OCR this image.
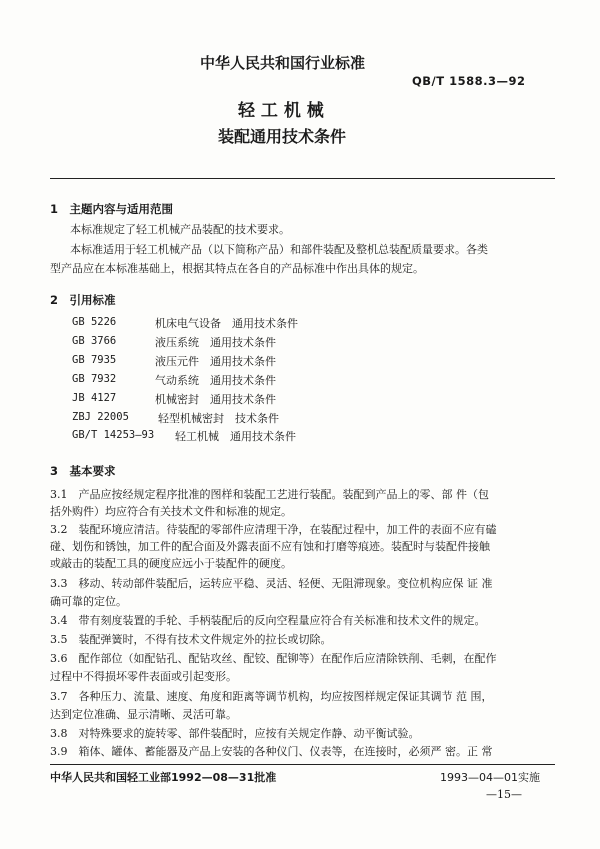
中华人民共和国行业标准
QB/T 1588.3—92
轻 工 机 械
装配通用技术条件
1　主题内容与适用范围
本标准规定了轻工机械产品装配的技术要求。
本标准适用于轻工机械产品（以下简称产品）和部件装配及整机总装配质量要求。各类
型产品应在本标准基础上，根据其特点在各自的产品标准中作出具体的规定。
2　引用标准
GB 5226	机床电气设备　通用技术条件
GB 3766	液压系统　通用技术条件
GB 7935	液压元件　通用技术条件
GB 7932	气动系统　通用技术条件
JB 4127	机械密封　通用技术条件
ZBJ 22005	轻型机械密封　技术条件
GB/T 14253—93 轻工机械　通用技术条件
3　基本要求
3.1　产品应按经规定程序批准的图样和装配工艺进行装配。装配到产品上的零、部 件（包
括外购件）均应符合有关技术文件和标准的规定。
3.2　装配环境应清洁。待装配的零部件应清理干净，在装配过程中，加工件的表面不应有磕
碰、划伤和锈蚀，加工件的配合面及外露表面不应有蚀和打磨等痕迹。装配时与装配件接触
或敲击的装配工具的硬度应远小于装配件的硬度。
3.3　移动、转动部件装配后，运转应平稳、灵活、轻便、无阻滞现象。变位机构应保 证 准
确可靠的定位。
3.4　带有刻度装置的手轮、手柄装配后的反向空程量应符合有关标准和技术文件的规定。
3.5　装配弹簧时，不得有技术文件规定外的拉长或切除。
3.6　配作部位（如配钻孔、配钻攻丝、配铰、配铆等）在配作后应清除铁削、毛刺，在配作
过程中不得损坏零件表面或引起变形。
3.7　各种压力、流量、速度、角度和距离等调节机构，均应按图样规定保证其调节 范 围，
达到定位准确、显示清晰、灵活可靠。
3.8　对特殊要求的旋转零、部件装配时，应按有关规定作静、动平衡试验。
3.9　箱体、罐体、蓄能器及产品上安装的各种仪门、仪表等，在连接时，必须严 密。正 常
中华人民共和国轻工业部1992—08—31批准	1993—04—01实施
—15—
